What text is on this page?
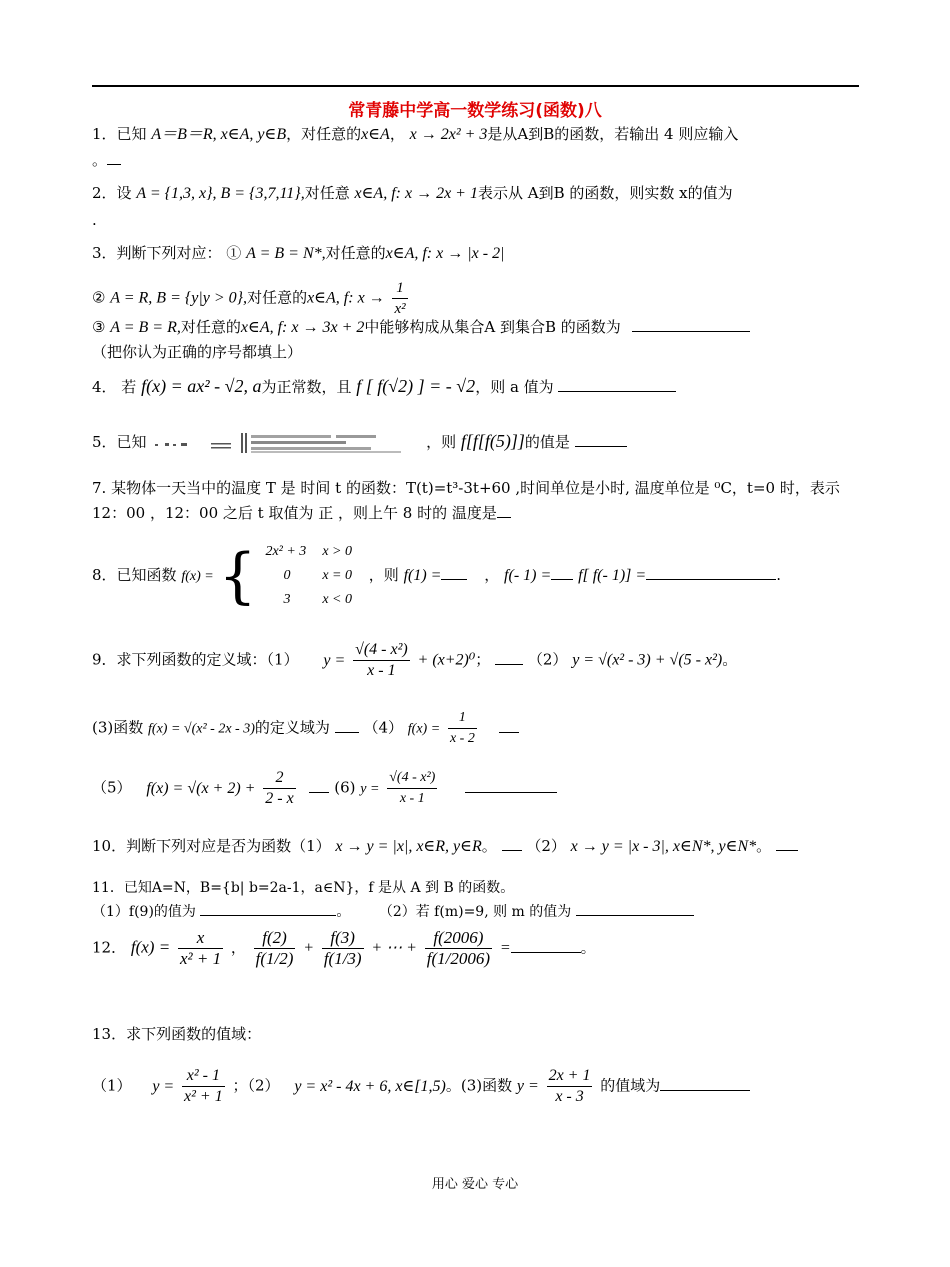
常青藤中学高一数学练习(函数)八
1．已知 A＝B＝R, x∈A, y∈B，对任意的x∈A， x → 2x² + 3是从A到B的函数，若输出 4 则应输入
。
2．设 A = {1,3, x}, B = {3,7,11},对任意 x∈A, f: x → 2x + 1表示从 A到B 的函数，则实数 x的值为
.
3．判断下列对应： ① A = B = N*,对任意的x∈A, f: x → |x - 2|
② A = R, B = {y|y > 0},对任意的x∈A, f: $x \to \frac{1}{\text{x²}}$
③ A = B = R,对任意的x∈A, f: x → 3x + 2中能够构成从集合A 到集合B 的函数为
（把你认为正确的序号都填上）
4． 若 f(x) = ax² - √2, a为正常数，且 f [ f(√2) ] = - √2，则 a 值为
5．已知	，则 f[f[f(5)]]的值是
7. 某物体一天当中的温度 T 是 时间 t 的函数：T(t)=t³-3t+60 ,时间单位是小时, 温度单位是 ⁰C，t=0 时，表示
12：00 ，12：00 之后 t 取值为 正 ，则上午 8 时的 温度是
8．已知函数 f(x) = { 2x² + 3	x > 0
0	x = 0
3	x < 0 ，则 f(1) =	， f(- 1) = f[ f(- 1)] =	.
9．求下列函数的定义域：（1） $y = \frac{\text{√(4 - x²)}}{x - 1} + (x+2)^0$；	（2） y = √(x² - 3) + √(5 - x²)。
(3)函数 f(x) = √(x² - 2x - 3)的定义域为 （4） $f(x) = \frac{1}{x - 2}$

（5） $f(x) = √(x + 2) + \frac{2}{2 - x}$	(6) $y = \frac{\text{√(4 - x²)}}{x - 1}$

10．判断下列对应是否为函数（1） x → y = |x|, x∈R, y∈R。 （2） x → y = |x - 3|, x∈N*, y∈N*。
11．已知A=N，B={b| b=2a-1，a∈N}，f 是从 A 到 B 的函数。
（1）f(9)的值为	。 （2）若 f(m)=9, 则 m 的值为
12． $f(x) = \frac{x}{\text{x² + 1}}$ ， $\frac{f(2)}{f(1/2)} + \frac{f(3)}{f(1/3)}$ + ⋯ + $\frac{f(2006)}{f(1/2006)}$ =	。
13．求下列函数的值域：
（1） $y = \frac{\text{x² - 1}}{\text{x² + 1}}$ ；（2） y = x² - 4x + 6, x∈[1,5)。(3)函数 $y = \frac{2x + 1}{x - 3}$ 的值域为
用心 爱心 专心
